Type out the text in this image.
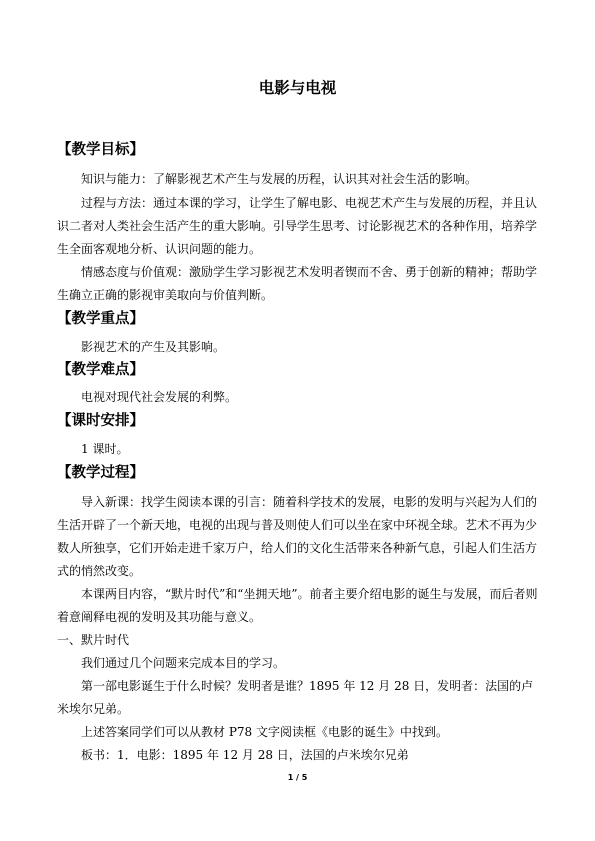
电影与电视
【教学目标】
知识与能力：了解影视艺术产生与发展的历程，认识其对社会生活的影响。
过程与方法：通过本课的学习，让学生了解电影、电视艺术产生与发展的历程，并且认识二者对人类社会生活产生的重大影响。引导学生思考、讨论影视艺术的各种作用，培养学生全面客观地分析、认识问题的能力。
情感态度与价值观：激励学生学习影视艺术发明者锲而不舍、勇于创新的精神；帮助学生确立正确的影视审美取向与价值判断。
【教学重点】
影视艺术的产生及其影响。
【教学难点】
电视对现代社会发展的利弊。
【课时安排】
1 课时。
【教学过程】
导入新课：找学生阅读本课的引言：随着科学技术的发展，电影的发明与兴起为人们的生活开辟了一个新天地，电视的出现与普及则使人们可以坐在家中环视全球。艺术不再为少数人所独享，它们开始走进千家万户，给人们的文化生活带来各种新气息，引起人们生活方式的悄然改变。
本课两目内容，“默片时代”和“坐拥天地”。前者主要介绍电影的诞生与发展，而后者则着意阐释电视的发明及其功能与意义。
一、默片时代
我们通过几个问题来完成本目的学习。
第一部电影诞生于什么时候？发明者是谁？1895 年 12 月 28 日，发明者：法国的卢米埃尔兄弟。
上述答案同学们可以从教材 P78 文字阅读框《电影的诞生》中找到。
板书：1．电影：1895 年 12 月 28 日，法国的卢米埃尔兄弟
1 / 5
